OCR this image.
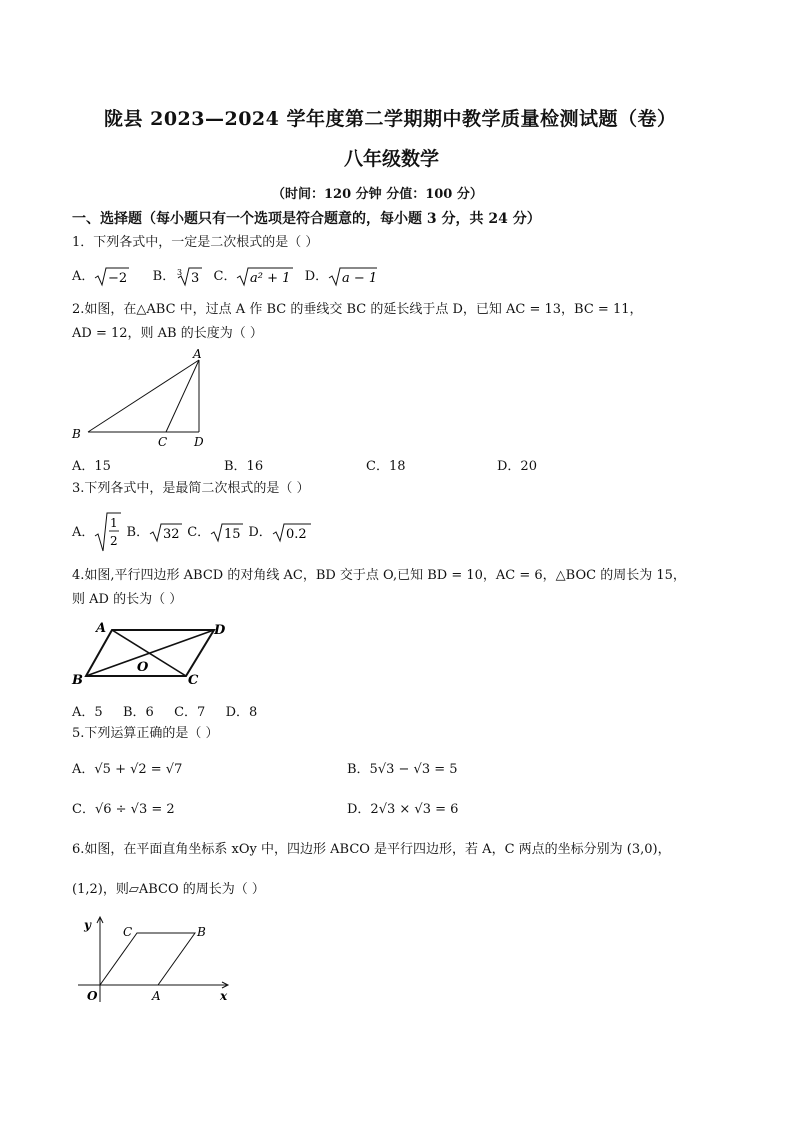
陇县 2023—2024 学年度第二学期期中教学质量检测试题（卷）
八年级数学
（时间：120 分钟 分值：100 分）
一、选择题（每小题只有一个选项是符合题意的，每小题 3 分，共 24 分）
1．下列各式中，一定是二次根式的是（ ）
A． −2 B． 3 3 C． a² + 1 D． a − 1
2.如图，在△ABC 中，过点 A 作 BC 的垂线交 BC 的延长线于点 D，已知 AC = 13，BC = 11，
AD = 12，则 AB 的长度为（ ）
A
B
C D
A．15	B．16	C．18	D．20
3.下列各式中，是最简二次根式的是（ ）
A．
1
2
B． 32 C． 15 D． 0.2
4.如图,平行四边形 ABCD 的对角线 AC，BD 交于点 O,已知 BD = 10，AC = 6，△BOC 的周长为 15，
则 AD 的长为（ ）
A	D
B	C
O
A．5 B．6 C．7 D．8
5.下列运算正确的是（ ）
A．√5 + √2 = √7	B．5√3 − √3 = 5
C．√6 ÷ √3 = 2	D．2√3 × √3 = 6
6.如图，在平面直角坐标系 xOy 中，四边形 ABCO 是平行四边形，若 A，C 两点的坐标分别为 (3,0)，
(1,2)，则▱ABCO 的周长为（ ）
y
x
O	A
B
C
